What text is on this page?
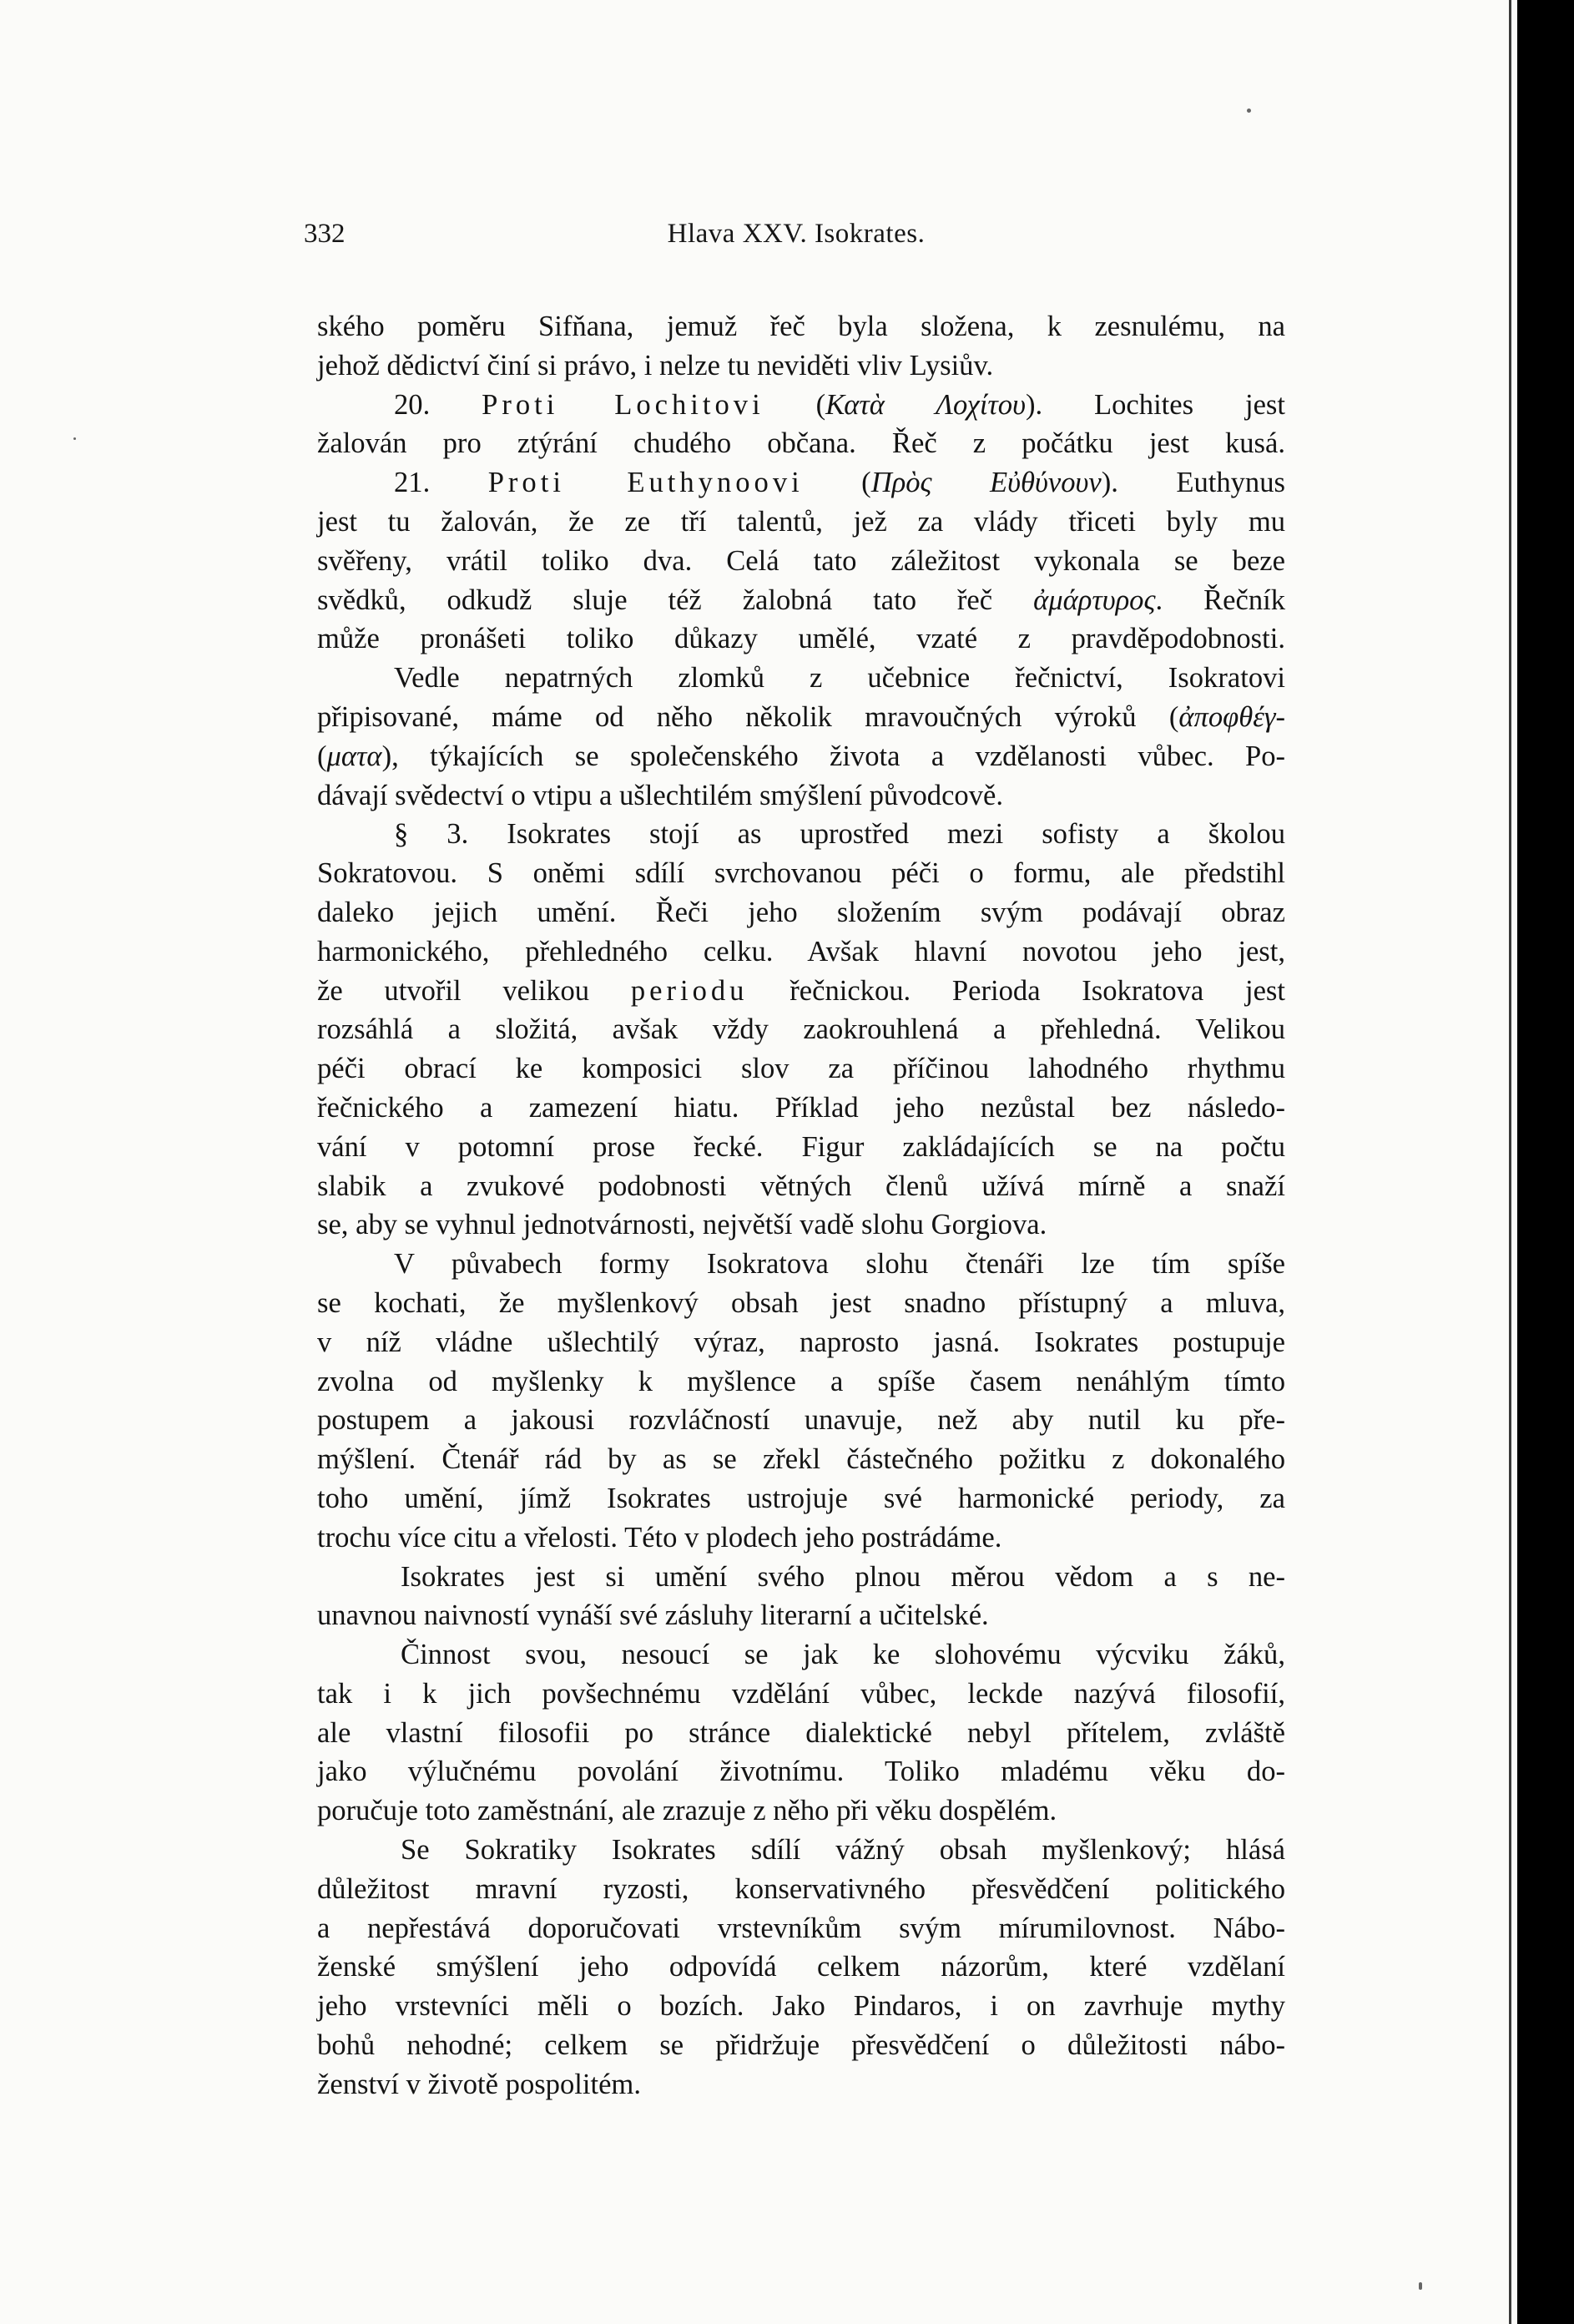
332	Hlava XXV. Isokrates.
ského poměru Sifňana, jemuž řeč byla složena, k zesnulému, na
jehož dědictví činí si právo, i nelze tu neviděti vliv Lysiův.
20. Proti Lochitovi (Κατὰ Λοχίτου). Lochites jest
žalován pro ztýrání chudého občana. Řeč z počátku jest kusá.
21. Proti Euthynoovi (Πρὸς Εὐθύνουν). Euthynus
jest tu žalován, že ze tří talentů, jež za vlády třiceti byly mu
svěřeny, vrátil toliko dva. Celá tato záležitost vykonala se beze
svědků, odkudž sluje též žalobná tato řeč ἀμάρτυρος. Řečník
může pronášeti toliko důkazy umělé, vzaté z pravděpodobnosti.
Vedle nepatrných zlomků z učebnice řečnictví, Isokratovi
připisované, máme od něho několik mravoučných výroků (ἀποφθέγ-
(ματα), týkajících se společenského života a vzdělanosti vůbec. Po-
dávají svědectví o vtipu a ušlechtilém smýšlení původcově.
§ 3. Isokrates stojí as uprostřed mezi sofisty a školou
Sokratovou. S oněmi sdílí svrchovanou péči o formu, ale předstihl
daleko jejich umění. Řeči jeho složením svým podávají obraz
harmonického, přehledného celku. Avšak hlavní novotou jeho jest,
že utvořil velikou periodu řečnickou. Perioda Isokratova jest
rozsáhlá a složitá, avšak vždy zaokrouhlená a přehledná. Velikou
péči obrací ke komposici slov za příčinou lahodného rhythmu
řečnického a zamezení hiatu. Příklad jeho nezůstal bez následo-
vání v potomní prose řecké. Figur zakládajících se na počtu
slabik a zvukové podobnosti větných členů užívá mírně a snaží
se, aby se vyhnul jednotvárnosti, největší vadě slohu Gorgiova.
V půvabech formy Isokratova slohu čtenáři lze tím spíše
se kochati, že myšlenkový obsah jest snadno přístupný a mluva,
v níž vládne ušlechtilý výraz, naprosto jasná. Isokrates postupuje
zvolna od myšlenky k myšlence a spíše časem nenáhlým tímto
postupem a jakousi rozvláčností unavuje, než aby nutil ku pře-
mýšlení. Čtenář rád by as se zřekl částečného požitku z dokonalého
toho umění, jímž Isokrates ustrojuje své harmonické periody, za
trochu více citu a vřelosti. Této v plodech jeho postrádáme.
Isokrates jest si umění svého plnou měrou vědom a s ne-
unavnou naivností vynáší své zásluhy literarní a učitelské.
Činnost svou, nesoucí se jak ke slohovému výcviku žáků,
tak i k jich povšechnému vzdělání vůbec, leckde nazývá filosofií,
ale vlastní filosofii po stránce dialektické nebyl přítelem, zvláště
jako výlučnému povolání životnímu. Toliko mladému věku do-
poručuje toto zaměstnání, ale zrazuje z něho při věku dospělém.
Se Sokratiky Isokrates sdílí vážný obsah myšlenkový; hlásá
důležitost mravní ryzosti, konservativného přesvědčení politického
a nepřestává doporučovati vrstevníkům svým mírumilovnost. Nábo-
ženské smýšlení jeho odpovídá celkem názorům, které vzdělaní
jeho vrstevníci měli o bozích. Jako Pindaros, i on zavrhuje mythy
bohů nehodné; celkem se přidržuje přesvědčení o důležitosti nábo-
ženství v životě pospolitém.
